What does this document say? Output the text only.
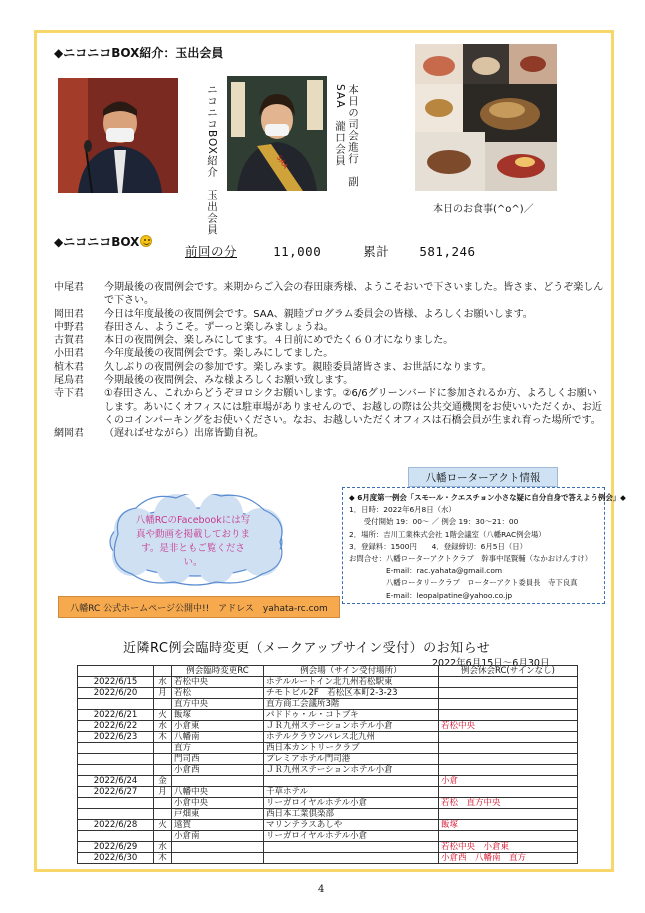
◆ニコニコBOX紹介：玉出会員
ニコニコBOX紹介　玉出会員	SAA	本日の司会進行　副SAA　瀧口会員
本日のお食事(^o^)／
◆ニコニコBOX
前回の分	11,000	累計 581,246
中尾君	今期最後の夜間例会です。来期からご入会の春田康秀様、ようこそおいで下さいました。皆さま、どうぞ楽しんで下さい。
岡田君	今日は年度最後の夜間例会です。SAA、親睦プログラム委員会の皆様、よろしくお願いします。
中野君	春田さん、ようこそ。ずーっと楽しみましょうね。
古賀君	本日の夜間例会、楽しみにしてます。４日前にめでたく６０才になりました。
小田君	今年度最後の夜間例会です。楽しみにしてました。
植木君	久しぶりの夜間例会の参加です。楽しみます。親睦委員諸皆さま、お世話になります。
尾鳥君	今期最後の夜間例会、みな様よろしくお願い致します。
寺下君	①春田さん、これからどうぞヨロシクお願いします。②6/6グリーンバードに参加されるか方、よろしくお願いします。あいにくオフィスには駐車場がありませんので、お越しの際は公共交通機関をお使いいただくか、お近くのコインパーキングをお使いください。なお、お越しいただくオフィスは石橋会員が生まれ育った場所です。
網岡君	（遅ればせながら）出席皆勤自祝。
八幡RCのFacebookには写真や動画を掲載しております。是非ともご覧ください。
八幡RC 公式ホームページ公開中!!　アドレス　yahata-rc.com
八幡ローターアクト情報
◆ 6月度第一例会「スモール・クエスチョン小さな疑に自分自身で答えよう例会」◆
1．日時：2022年6月8日（水）
　　受付開始 19：00〜 ／ 例会 19：30〜21：00
2．場所：吉川工業株式会社 1階会議室（八幡RAC例会場）
3．登録料：1500円　　4．登録締切：6月5日（日）
お問合せ：八幡ローターアクトクラブ　幹事中尾賢輔（なかおけんすけ）
　　　　　E-mail：rac.yahata@gmail.com
　　　　　八幡ロータリークラブ　ローターアクト委員長　寺下良真
　　　　　E-mail：leopalpatine@yahoo.co.jp
近隣RC例会臨時変更（メークアップサイン受付）のお知らせ
2022年6月15日〜6月30日
		例会臨時変更RC	例会場（サイン受付場所）	例会休会RC(サインなし)
2022/6/15	水	若松中央	ホテルルートイン北九州若松駅東	
2022/6/20	月	若松	チモトビル2F　若松区本町2-3-23	
		直方中央	直方商工会議所3階	
2022/6/21	火	飯塚	パドドゥ・ル・コトブキ	
2022/6/22	水	小倉東	ＪＲ九州ステーションホテル小倉	若松中央
2022/6/23	木	八幡南	ホテルクラウンパレス北九州	
		直方	西日本カントリークラブ	
		門司西	プレミアホテル門司港	
		小倉西	ＪＲ九州ステーションホテル小倉	
2022/6/24	金			小倉
2022/6/27	月	八幡中央	千草ホテル	
		小倉中央	リーガロイヤルホテル小倉	若松　直方中央
		戸畑東	西日本工業倶楽部	
2022/6/28	火	遠賀	マリンテラスあしや	飯塚
		小倉南	リーガロイヤルホテル小倉	
2022/6/29	水			若松中央　小倉東
2022/6/30	木			小倉西　八幡南　直方
4
